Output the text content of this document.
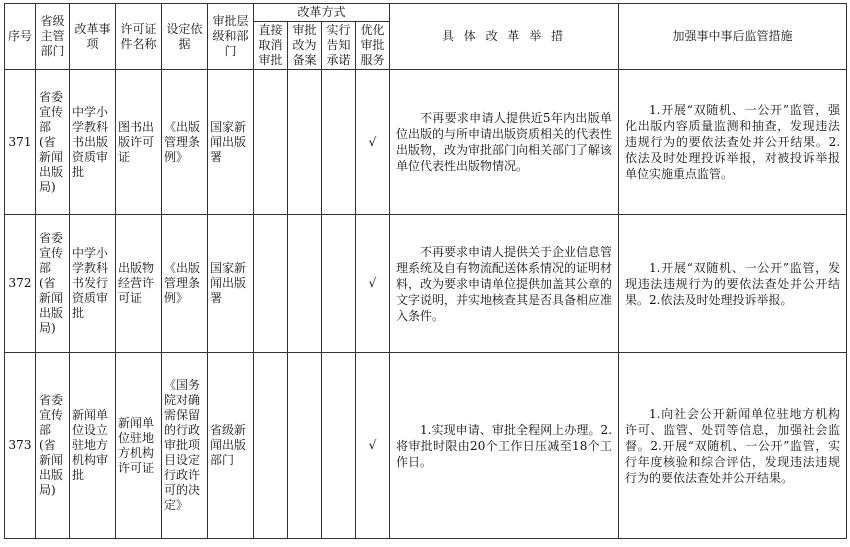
序号	省级主管部门	改革事项	许可证件名称	设定依据	审批层级和部门	改革方式				具 体 改 革 举 措	加强事中事后监管措施
						直接取消审批	审批改为备案	实行告知承诺	优化审批服务		
371	省委宣传部(省新闻出版局)	中学小学教科书出版资质审批	图书出版许可证	《出版管理条例》	国家新闻出版署				√	不再要求申请人提供近5年内出版单位出版的与所申请出版资质相关的代表性出版物，改为审批部门向相关部门了解该单位代表性出版物情况。	1.开展“双随机、一公开”监管，强化出版内容质量监测和抽查，发现违法违规行为的要依法查处并公开结果。2.依法及时处理投诉举报，对被投诉举报单位实施重点监管。
372	省委宣传部(省新闻出版局)	中学小学教科书发行资质审批	出版物经营许可证	《出版管理条例》	国家新闻出版署				√	不再要求申请人提供关于企业信息管理系统及自有物流配送体系情况的证明材料，改为要求申请单位提供加盖其公章的文字说明，并实地核查其是否具备相应准入条件。	1.开展“双随机、一公开”监管，发现违法违规行为的要依法查处并公开结果。2.依法及时处理投诉举报。
373	省委宣传部(省新闻出版局)	新闻单位设立驻地方机构审批	新闻单位驻地方机构许可证	《国务院对确需保留的行政审批项目设定行政许可的决定》	省级新闻出版部门				√	1.实现申请、审批全程网上办理。2.将审批时限由20个工作日压减至18个工作日。	1.向社会公开新闻单位驻地方机构许可、监管、处罚等信息，加强社会监督。2.开展“双随机、一公开”监管，实行年度核验和综合评估，发现违法违规行为的要依法查处并公开结果。
